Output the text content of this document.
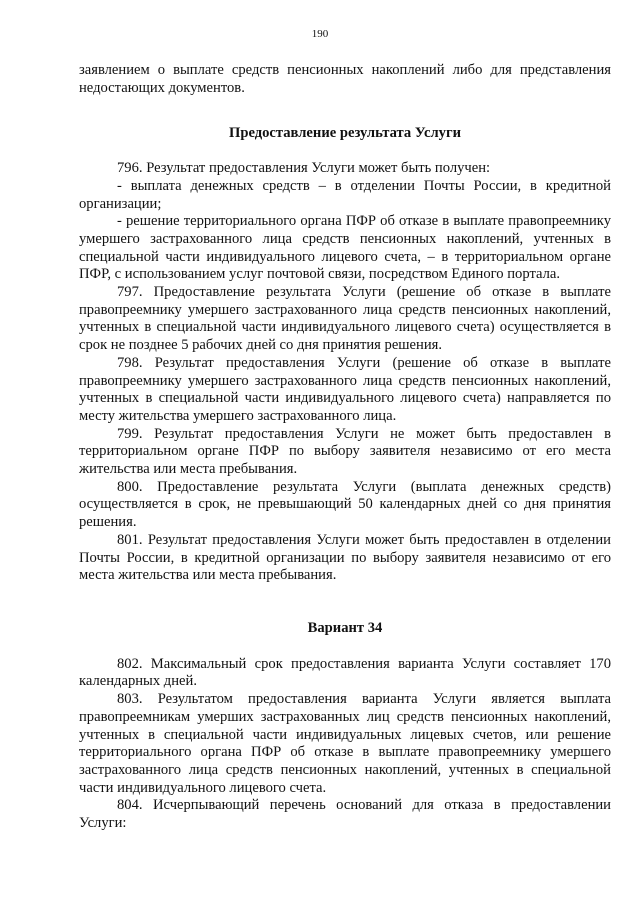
190

заявлением о выплате средств пенсионных накоплений либо для представления недостающих документов.

Предоставление результата Услуги

796. Результат предоставления Услуги может быть получен:

- выплата денежных средств – в отделении Почты России, в кредитной организации;

- решение территориального органа ПФР об отказе в выплате правопреемнику умершего застрахованного лица средств пенсионных накоплений, учтенных в специальной части индивидуального лицевого счета, – в территориальном органе ПФР, с использованием услуг почтовой связи, посредством Единого портала.

797. Предоставление результата Услуги (решение об отказе в выплате правопреемнику умершего застрахованного лица средств пенсионных накоплений, учтенных в специальной части индивидуального лицевого счета) осуществляется в срок не позднее 5 рабочих дней со дня принятия решения.

798. Результат предоставления Услуги (решение об отказе в выплате правопреемнику умершего застрахованного лица средств пенсионных накоплений, учтенных в специальной части индивидуального лицевого счета) направляется по месту жительства умершего застрахованного лица.

799. Результат предоставления Услуги не может быть предоставлен в территориальном органе ПФР по выбору заявителя независимо от его места жительства или места пребывания.

800. Предоставление результата Услуги (выплата денежных средств) осуществляется в срок, не превышающий 50 календарных дней со дня принятия решения.

801. Результат предоставления Услуги может быть предоставлен в отделении Почты России, в кредитной организации по выбору заявителя независимо от его места жительства или места пребывания.

Вариант 34

802. Максимальный срок предоставления варианта Услуги составляет 170 календарных дней.

803. Результатом предоставления варианта Услуги является выплата правопреемникам умерших застрахованных лиц средств пенсионных накоплений, учтенных в специальной части индивидуальных лицевых счетов, или решение территориального органа ПФР об отказе в выплате правопреемнику умершего застрахованного лица средств пенсионных накоплений, учтенных в специальной части индивидуального лицевого счета.

804. Исчерпывающий перечень оснований для отказа в предоставлении Услуги:
